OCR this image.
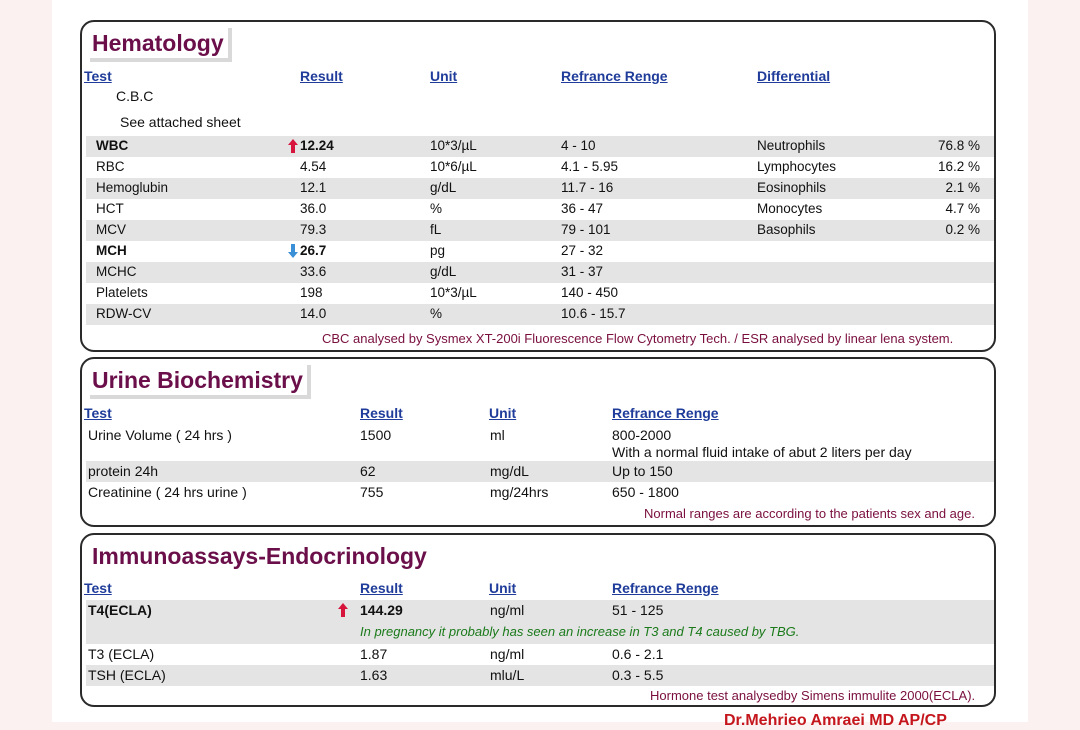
Hematology
Test	Result	Unit	Refrance Renge	Differential
C.B.C
See attached sheet
WBC	12.24	10*3/µL	4 - 10	Neutrophils	76.8 %
RBC	4.54	10*6/µL	4.1 - 5.95	Lymphocytes	16.2 %
Hemoglubin	12.1	g/dL	11.7 - 16	Eosinophils	2.1 %
HCT	36.0	%	36 - 47	Monocytes	4.7 %
MCV	79.3	fL	79 - 101	Basophils	0.2 %
MCH	26.7	pg	27 - 32
MCHC	33.6	g/dL	31 - 37
Platelets	198	10*3/µL	140 - 450
RDW-CV	14.0	%	10.6 - 15.7
CBC analysed by Sysmex XT-200i Fluorescence Flow Cytometry Tech. / ESR analysed by linear lena system.
Urine Biochemistry
Test	Result	Unit	Refrance Renge
Urine Volume ( 24 hrs )	1500	ml	800-2000
With a normal fluid intake of abut 2 liters per day
protein 24h	62	mg/dL	Up to 150
Creatinine ( 24 hrs urine )	755	mg/24hrs	650 - 1800
Normal ranges are according to the patients sex and age.
Immunoassays-Endocrinology
Test	Result	Unit	Refrance Renge
T4(ECLA)	144.29	ng/ml	51 - 125
In pregnancy it probably has seen an increase in T3 and T4 caused by TBG.
T3 (ECLA)	1.87	ng/ml	0.6 - 2.1
TSH (ECLA)	1.63	mlu/L	0.3 - 5.5
Hormone test analysedby Simens immulite 2000(ECLA).
Dr.Mehrieo Amraei MD AP/CP
